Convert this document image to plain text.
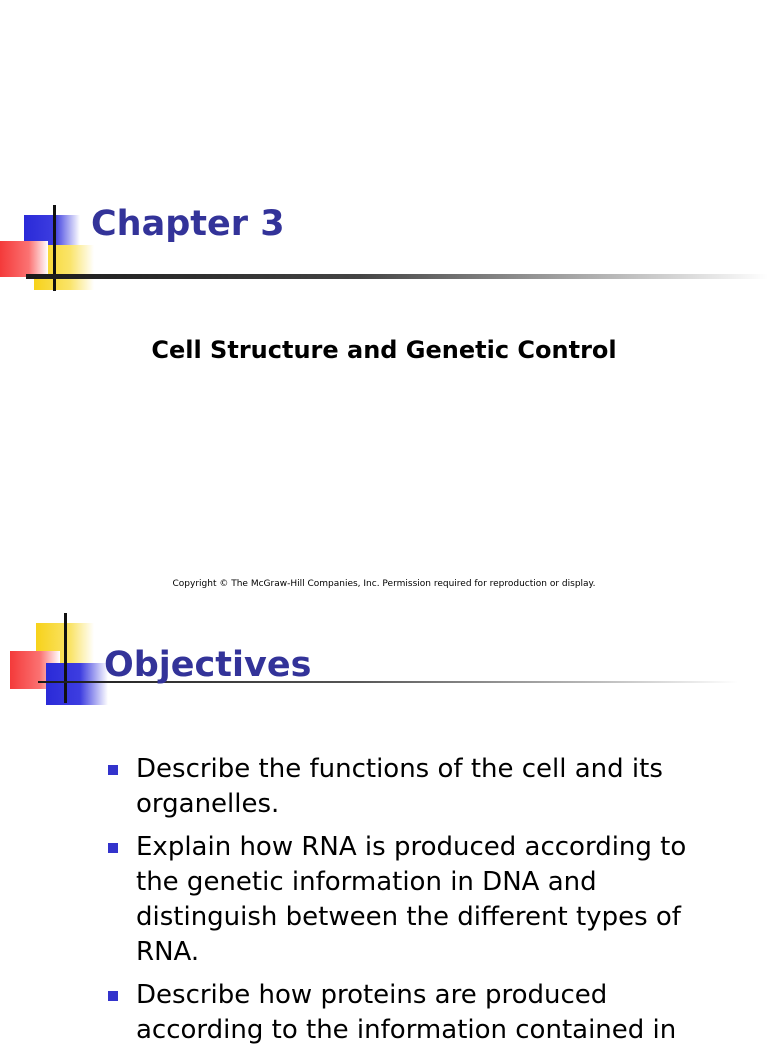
Chapter 3
Cell Structure and Genetic Control
Copyright © The McGraw-Hill Companies, Inc. Permission required for reproduction or display.
Objectives
Describe the functions of the cell and its organelles.
Explain how RNA is produced according to the genetic information in DNA and distinguish between the different types of RNA.
Describe how proteins are produced according to the information contained in
